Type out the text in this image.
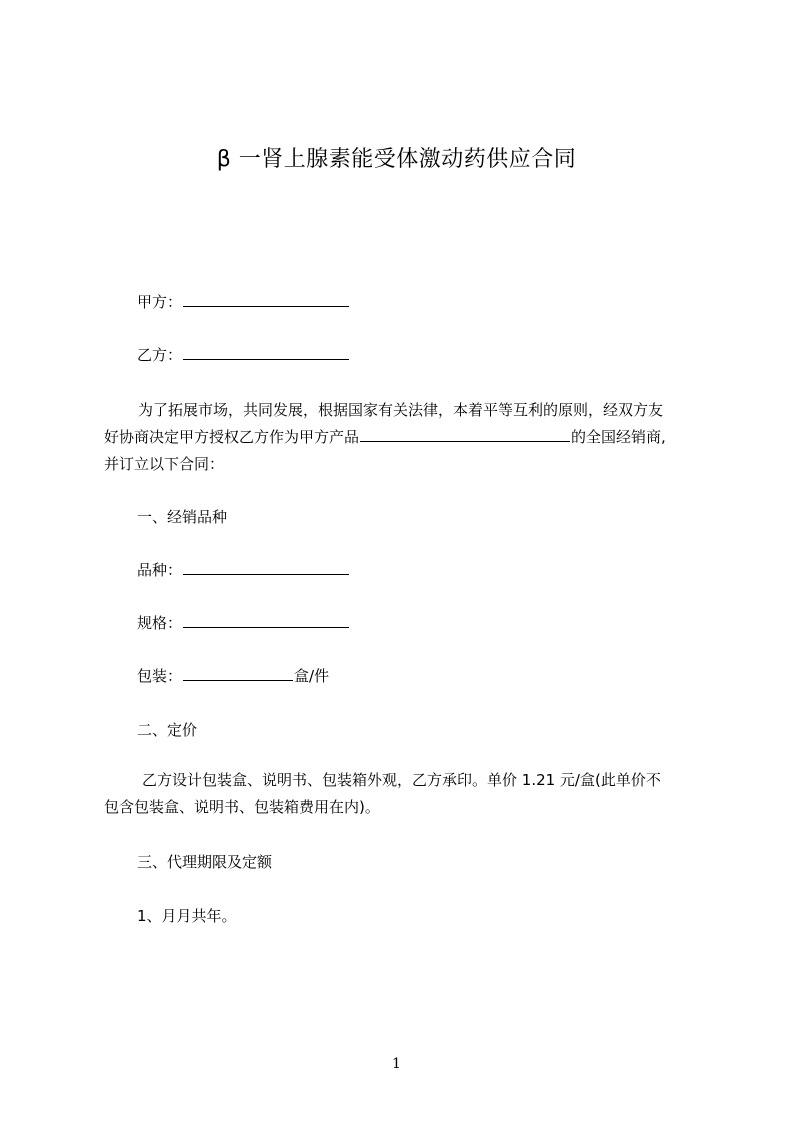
β 一肾上腺素能受体激动药供应合同
甲方：
乙方：
为了拓展市场，共同发展，根据国家有关法律，本着平等互利的原则，经双方友
好协商决定甲方授权乙方作为甲方产品	的全国经销商,
并订立以下合同：
一、经销品种
品种：
规格：
包装：	盒/件
二、定价
乙方设计包装盒、说明书、包装箱外观，乙方承印。单价 1.21 元/盒(此单价不
包含包装盒、说明书、包装箱费用在内)。
三、代理期限及定额
1、月月共年。
1
